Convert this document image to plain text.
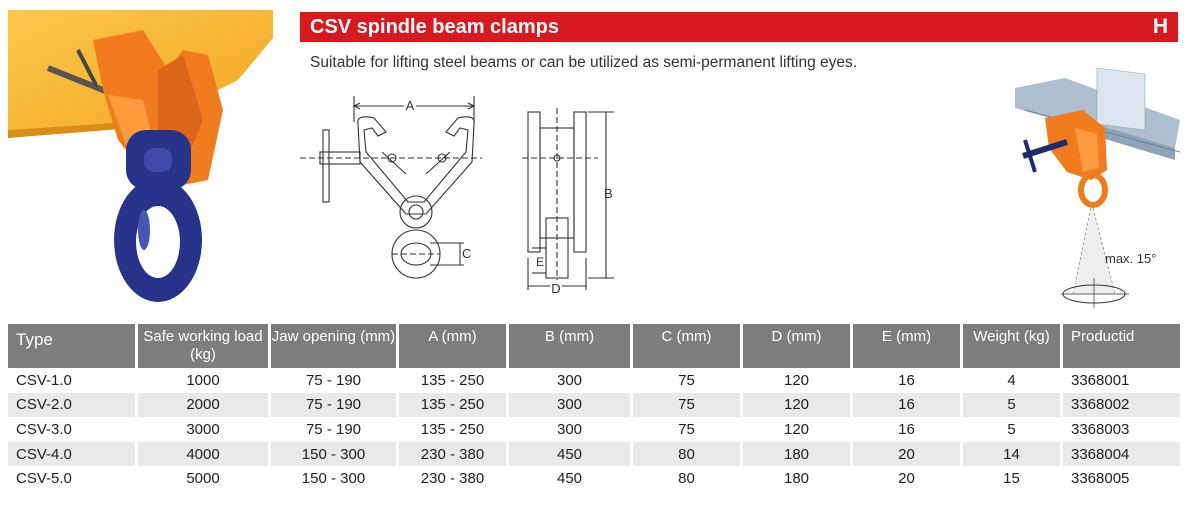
CSV spindle beam clamps	H
Suitable for lifting steel beams or can be utilized as semi-permanent lifting eyes.
A
C
B
E
D
max. 15°
Type	Safe working load (kg)	Jaw opening (mm)	A (mm)	B (mm)	C (mm)	D (mm)	E (mm)	Weight (kg)	Productid
CSV-1.0	1000	75 - 190	135 - 250	300	75	120	16	4	3368001
CSV-2.0	2000	75 - 190	135 - 250	300	75	120	16	5	3368002
CSV-3.0	3000	75 - 190	135 - 250	300	75	120	16	5	3368003
CSV-4.0	4000	150 - 300	230 - 380	450	80	180	20	14	3368004
CSV-5.0	5000	150 - 300	230 - 380	450	80	180	20	15	3368005
